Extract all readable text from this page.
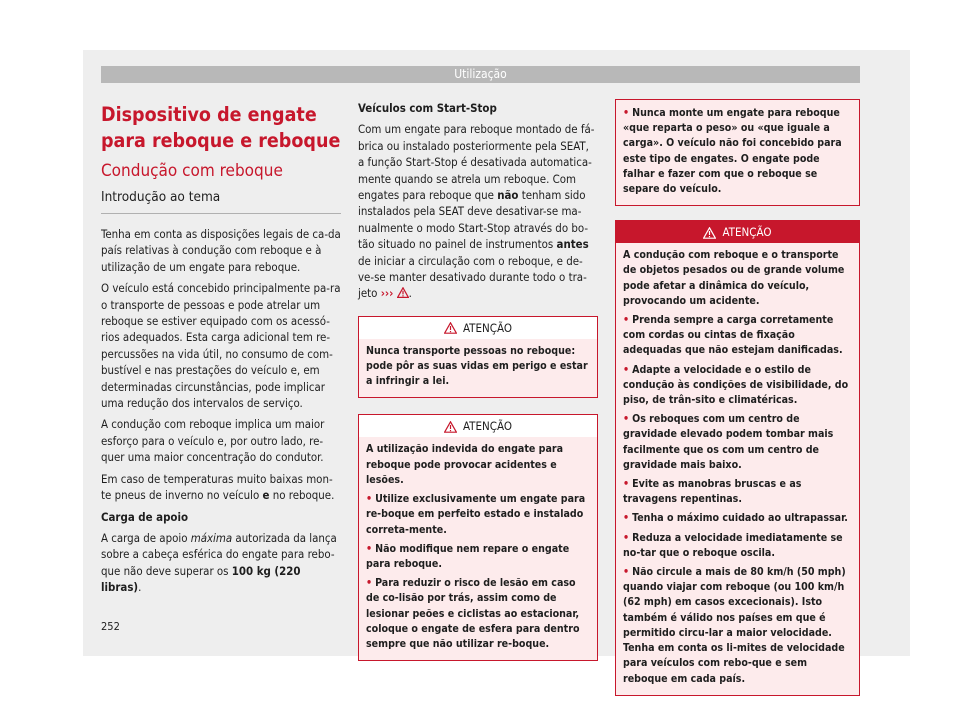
Utilização
Dispositivo de engate para reboque e reboque
Condução com reboque
Introdução ao tema

Tenha em conta as disposições legais de ca-da país relativas à condução com reboque e à utilização de um engate para reboque.

O veículo está concebido principalmente pa-ra o transporte de pessoas e pode atrelar um reboque se estiver equipado com os acessó-rios adequados. Esta carga adicional tem re-percussões na vida útil, no consumo de com-bustível e nas prestações do veículo e, em determinadas circunstâncias, pode implicar uma redução dos intervalos de serviço.

A condução com reboque implica um maior esforço para o veículo e, por outro lado, re-quer uma maior concentração do condutor.

Em caso de temperaturas muito baixas mon-te pneus de inverno no veículo e no reboque.

Carga de apoio

A carga de apoio máxima autorizada da lança sobre a cabeça esférica do engate para rebo-que não deve superar os 100 kg (220 libras).

Veículos com Start-Stop

Com um engate para reboque montado de fá-brica ou instalado posteriormente pela SEAT, a função Start-Stop é desativada automatica-mente quando se atrela um reboque. Com engates para reboque que não tenham sido instalados pela SEAT deve desativar-se ma-nualmente o modo Start-Stop através do bo-tão situado no painel de instrumentos antes de iniciar a circulação com o reboque, e de-ve-se manter desativado durante todo o tra-jeto ››› .

ATENÇÃO
Nunca transporte pessoas no reboque: pode pôr as suas vidas em perigo e estar a infringir a lei.
ATENÇÃO
A utilização indevida do engate para reboque pode provocar acidentes e lesões.
• Utilize exclusivamente um engate para re-boque em perfeito estado e instalado correta-mente.
• Não modifique nem repare o engate para reboque.
• Para reduzir o risco de lesão em caso de co-lisão por trás, assim como de lesionar peões e ciclistas ao estacionar, coloque o engate de esfera para dentro sempre que não utilizar re-boque.
• Nunca monte um engate para reboque «que reparta o peso» ou «que iguale a carga». O veículo não foi concebido para este tipo de engates. O engate pode falhar e fazer com que o reboque se separe do veículo.
ATENÇÃO
A condução com reboque e o transporte de objetos pesados ou de grande volume pode afetar a dinâmica do veículo, provocando um acidente.
• Prenda sempre a carga corretamente com cordas ou cintas de fixação adequadas que não estejam danificadas.
• Adapte a velocidade e o estilo de condução às condições de visibilidade, do piso, de trân-sito e climatéricas.
• Os reboques com um centro de gravidade elevado podem tombar mais facilmente que os com um centro de gravidade mais baixo.
• Evite as manobras bruscas e as travagens repentinas.
• Tenha o máximo cuidado ao ultrapassar.
• Reduza a velocidade imediatamente se no-tar que o reboque oscila.
• Não circule a mais de 80 km/h (50 mph) quando viajar com reboque (ou 100 km/h (62 mph) em casos excecionais). Isto também é válido nos países em que é permitido circu-lar a maior velocidade. Tenha em conta os li-mites de velocidade para veículos com rebo-que e sem reboque em cada país.
252
